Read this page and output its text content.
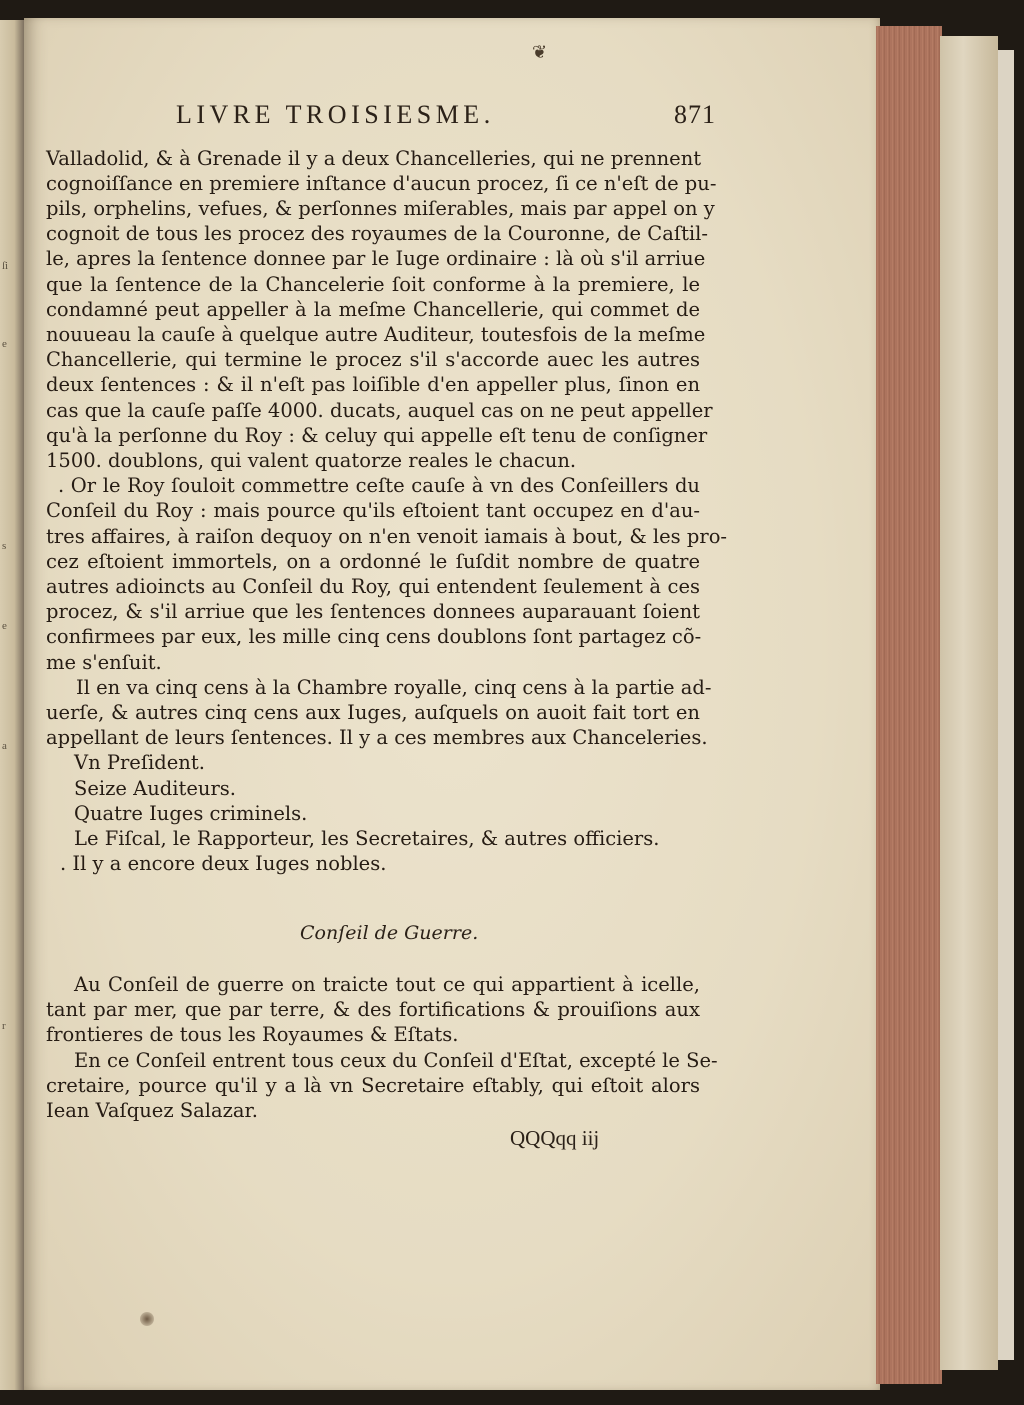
ſi
e
s
e
a
r
❦
LIVRE TROISIESME.	871
Valladolid, & à Grenade il y a deux Chancelleries, qui ne prennent
cognoiſſance en premiere inſtance d'aucun procez, ſi ce n'eſt de pu-
pils, orphelins, vefues, & perſonnes miſerables, mais par appel on y
cognoit de tous les procez des royaumes de la Couronne, de Caſtil-
le, apres la ſentence donnee par le Iuge ordinaire : là où s'il arriue
que la ſentence de la Chancelerie ſoit conforme à la premiere, le
condamné peut appeller à la meſme Chancellerie, qui commet de
nouueau la cauſe à quelque autre Auditeur, toutesfois de la meſme
Chancellerie, qui termine le procez s'il s'accorde auec les autres
deux ſentences : & il n'eſt pas loiſible d'en appeller plus, ſinon en
cas que la cauſe paſſe 4000. ducats, auquel cas on ne peut appeller
qu'à la perſonne du Roy : & celuy qui appelle eſt tenu de conſigner
1500. doublons, qui valent quatorze reales le chacun.
. Or le Roy ſouloit commettre ceſte cauſe à vn des Conſeillers du
Conſeil du Roy : mais pource qu'ils eſtoient tant occupez en d'au-
tres affaires, à raiſon dequoy on n'en venoit iamais à bout, & les pro-
cez eſtoient immortels, on a ordonné le ſuſdit nombre de quatre
autres adioincts au Conſeil du Roy, qui entendent ſeulement à ces
procez, & s'il arriue que les ſentences donnees auparauant ſoient
confirmees par eux, les mille cinq cens doublons ſont partagez cõ-
me s'enſuit.
Il en va cinq cens à la Chambre royalle, cinq cens à la partie ad-
uerſe, & autres cinq cens aux Iuges, auſquels on auoit fait tort en
appellant de leurs ſentences. Il y a ces membres aux Chanceleries.
Vn Preſident.
Seize Auditeurs.
Quatre Iuges criminels.
Le Fiſcal, le Rapporteur, les Secretaires, & autres officiers.
. Il y a encore deux Iuges nobles.
Conſeil de Guerre.
Au Conſeil de guerre on traicte tout ce qui appartient à icelle,
tant par mer, que par terre, & des fortifications & prouiſions aux
frontieres de tous les Royaumes & Eſtats.
En ce Conſeil entrent tous ceux du Conſeil d'Eſtat, excepté le Se-
cretaire, pource qu'il y a là vn Secretaire eſtably, qui eſtoit alors
Iean Vaſquez Salazar.
QQQqq iij
